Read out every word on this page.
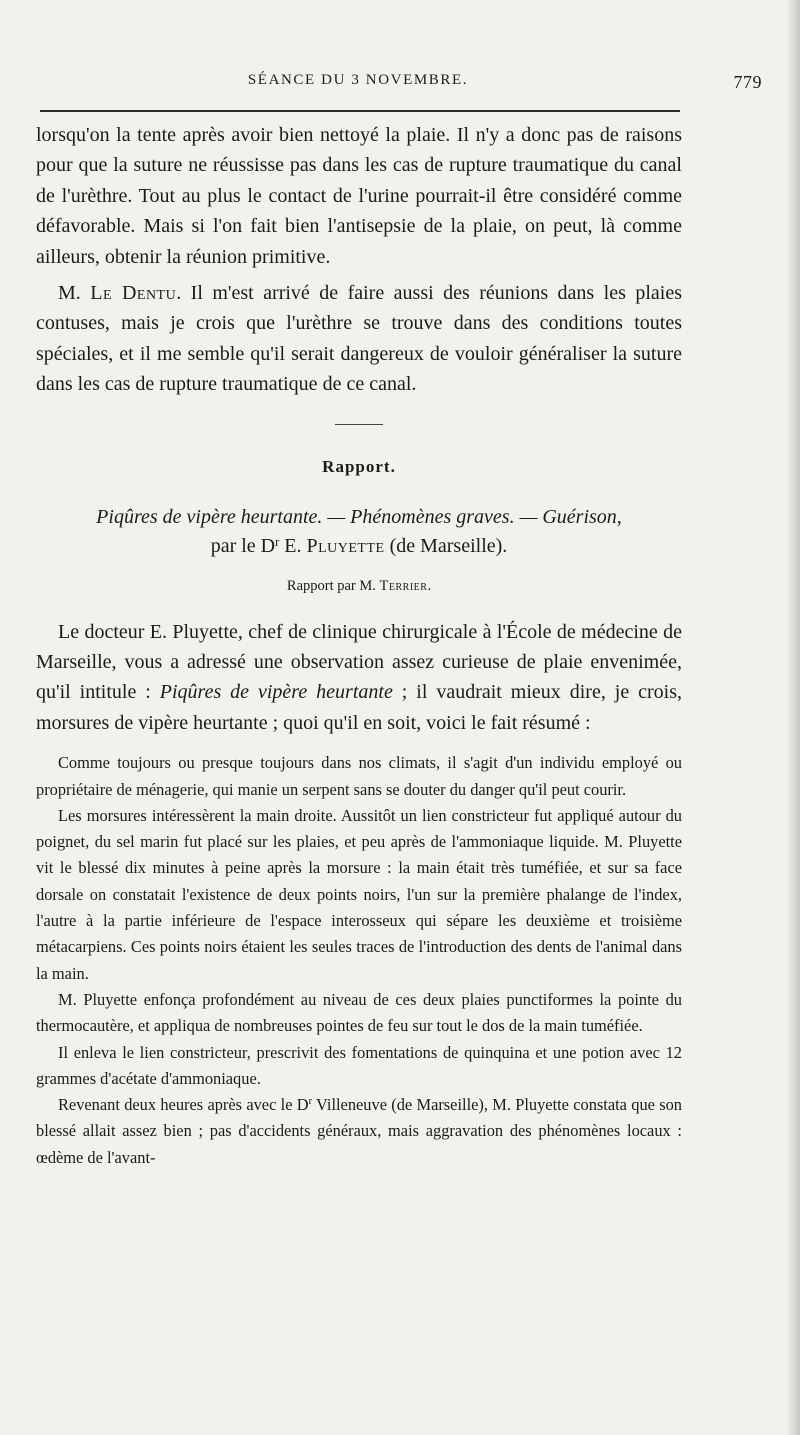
SÉANCE DU 3 NOVEMBRE.	779

lorsqu'on la tente après avoir bien nettoyé la plaie. Il n'y a donc pas de raisons pour que la suture ne réussisse pas dans les cas de rupture traumatique du canal de l'urèthre. Tout au plus le contact de l'urine pourrait-il être considéré comme défavorable. Mais si l'on fait bien l'antisepsie de la plaie, on peut, là comme ailleurs, obtenir la réunion primitive.

M. Le Dentu. Il m'est arrivé de faire aussi des réunions dans les plaies contuses, mais je crois que l'urèthre se trouve dans des conditions toutes spéciales, et il me semble qu'il serait dangereux de vouloir généraliser la suture dans les cas de rupture traumatique de ce canal.

Rapport.
Piqûres de vipère heurtante. — Phénomènes graves. — Guérison,
par le $D^r$ E. Pluyette (de Marseille).
Rapport par M. Terrier.

Le docteur E. Pluyette, chef de clinique chirurgicale à l'École de médecine de Marseille, vous a adressé une observation assez curieuse de plaie envenimée, qu'il intitule : Piqûres de vipère heurtante ; il vaudrait mieux dire, je crois, morsures de vipère heurtante ; quoi qu'il en soit, voici le fait résumé :

Comme toujours ou presque toujours dans nos climats, il s'agit d'un individu employé ou propriétaire de ménagerie, qui manie un serpent sans se douter du danger qu'il peut courir.

Les morsures intéressèrent la main droite. Aussitôt un lien constricteur fut appliqué autour du poignet, du sel marin fut placé sur les plaies, et peu après de l'ammoniaque liquide. M. Pluyette vit le blessé dix minutes à peine après la morsure : la main était très tuméfiée, et sur sa face dorsale on constatait l'existence de deux points noirs, l'un sur la première phalange de l'index, l'autre à la partie inférieure de l'espace interosseux qui sépare les deuxième et troisième métacarpiens. Ces points noirs étaient les seules traces de l'introduction des dents de l'animal dans la main.

M. Pluyette enfonça profondément au niveau de ces deux plaies punctiformes la pointe du thermocautère, et appliqua de nombreuses pointes de feu sur tout le dos de la main tuméfiée.

Il enleva le lien constricteur, prescrivit des fomentations de quinquina et une potion avec 12 grammes d'acétate d'ammoniaque.

Revenant deux heures après avec le $D^r$ Villeneuve (de Marseille), M. Pluyette constata que son blessé allait assez bien ; pas d'accidents généraux, mais aggravation des phénomènes locaux : œdème de l'avant-
